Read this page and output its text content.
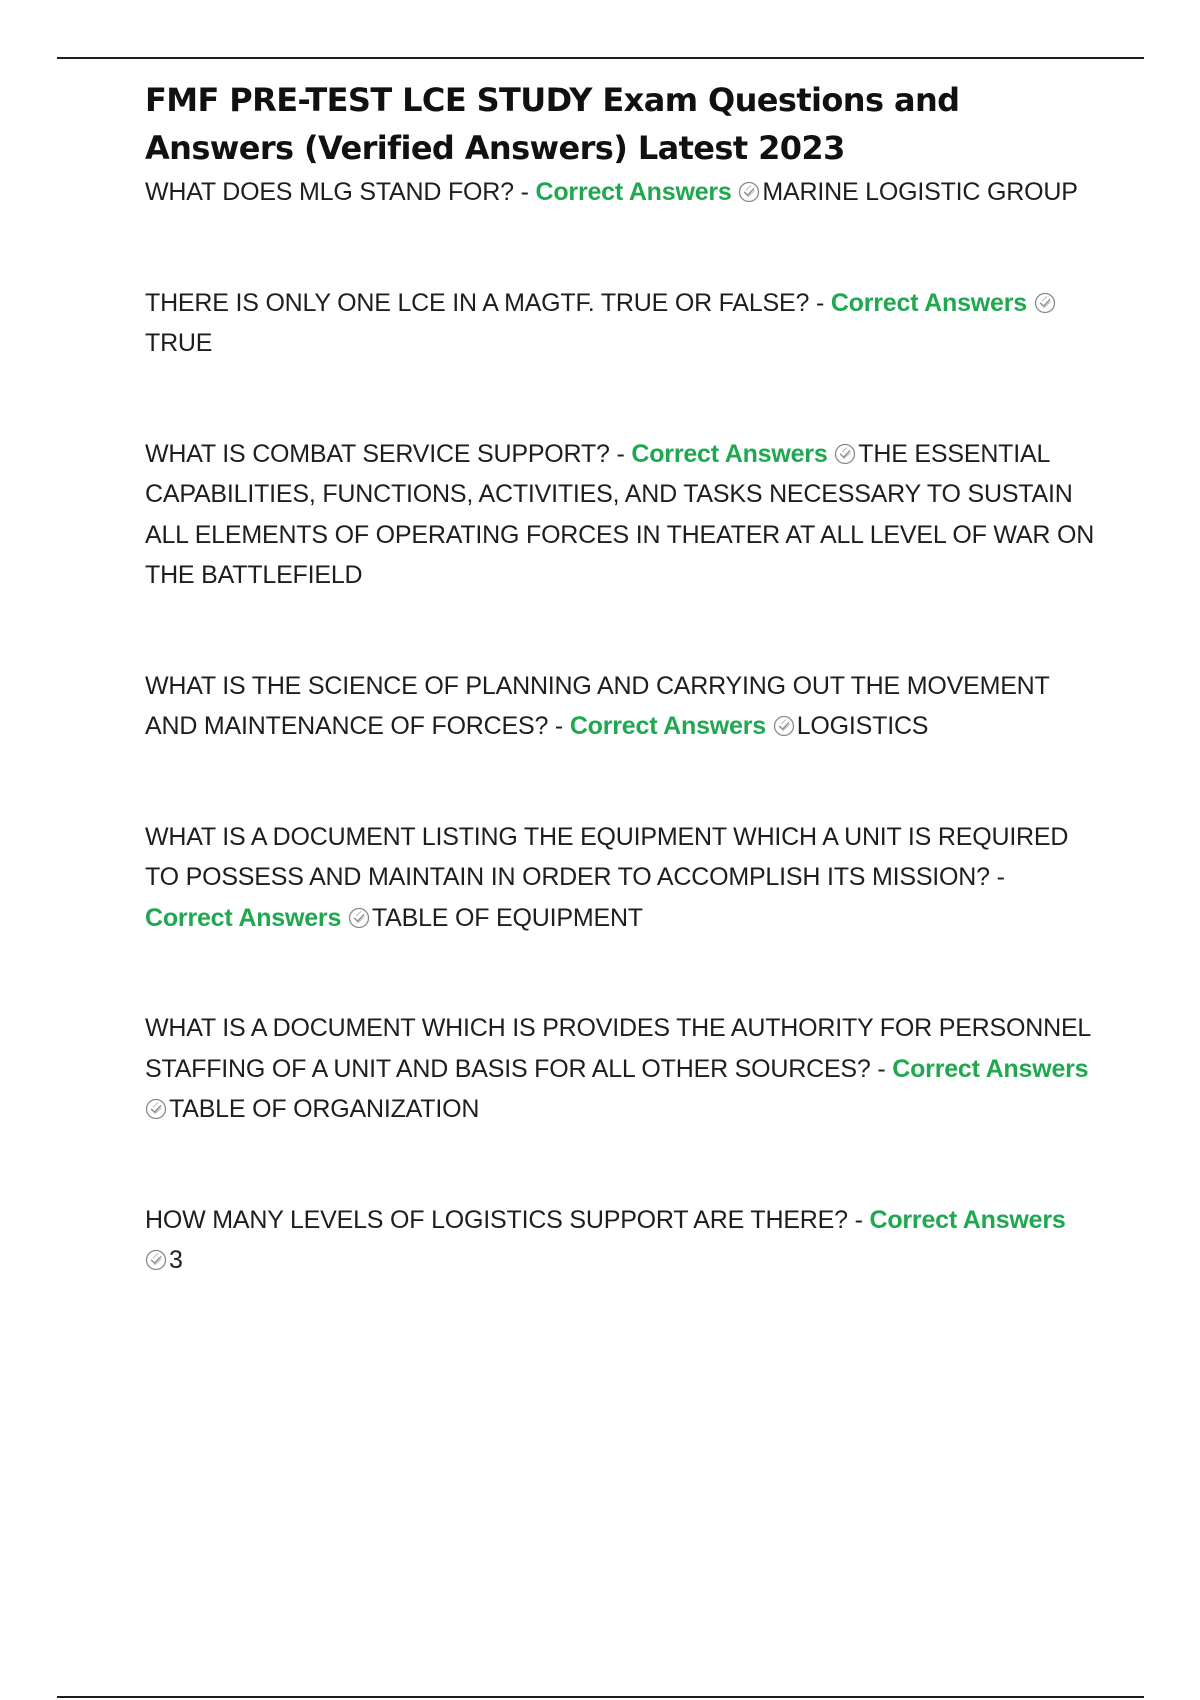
FMF PRE-TEST LCE STUDY Exam Questions and Answers (Verified Answers) Latest 2023

WHAT DOES MLG STAND FOR? - Correct Answers MARINE LOGISTIC GROUP

THERE IS ONLY ONE LCE IN A MAGTF. TRUE OR FALSE? - Correct Answers
TRUE

WHAT IS COMBAT SERVICE SUPPORT? - Correct Answers THE ESSENTIAL CAPABILITIES, FUNCTIONS, ACTIVITIES, AND TASKS NECESSARY TO SUSTAIN ALL ELEMENTS OF OPERATING FORCES IN THEATER AT ALL LEVEL OF WAR ON THE BATTLEFIELD

WHAT IS THE SCIENCE OF PLANNING AND CARRYING OUT THE MOVEMENT AND MAINTENANCE OF FORCES? - Correct Answers LOGISTICS

WHAT IS A DOCUMENT LISTING THE EQUIPMENT WHICH A UNIT IS REQUIRED TO POSSESS AND MAINTAIN IN ORDER TO ACCOMPLISH ITS MISSION? - Correct Answers TABLE OF EQUIPMENT

WHAT IS A DOCUMENT WHICH IS PROVIDES THE AUTHORITY FOR PERSONNEL STAFFING OF A UNIT AND BASIS FOR ALL OTHER SOURCES? - Correct Answers
TABLE OF ORGANIZATION

HOW MANY LEVELS OF LOGISTICS SUPPORT ARE THERE? - Correct Answers
3
